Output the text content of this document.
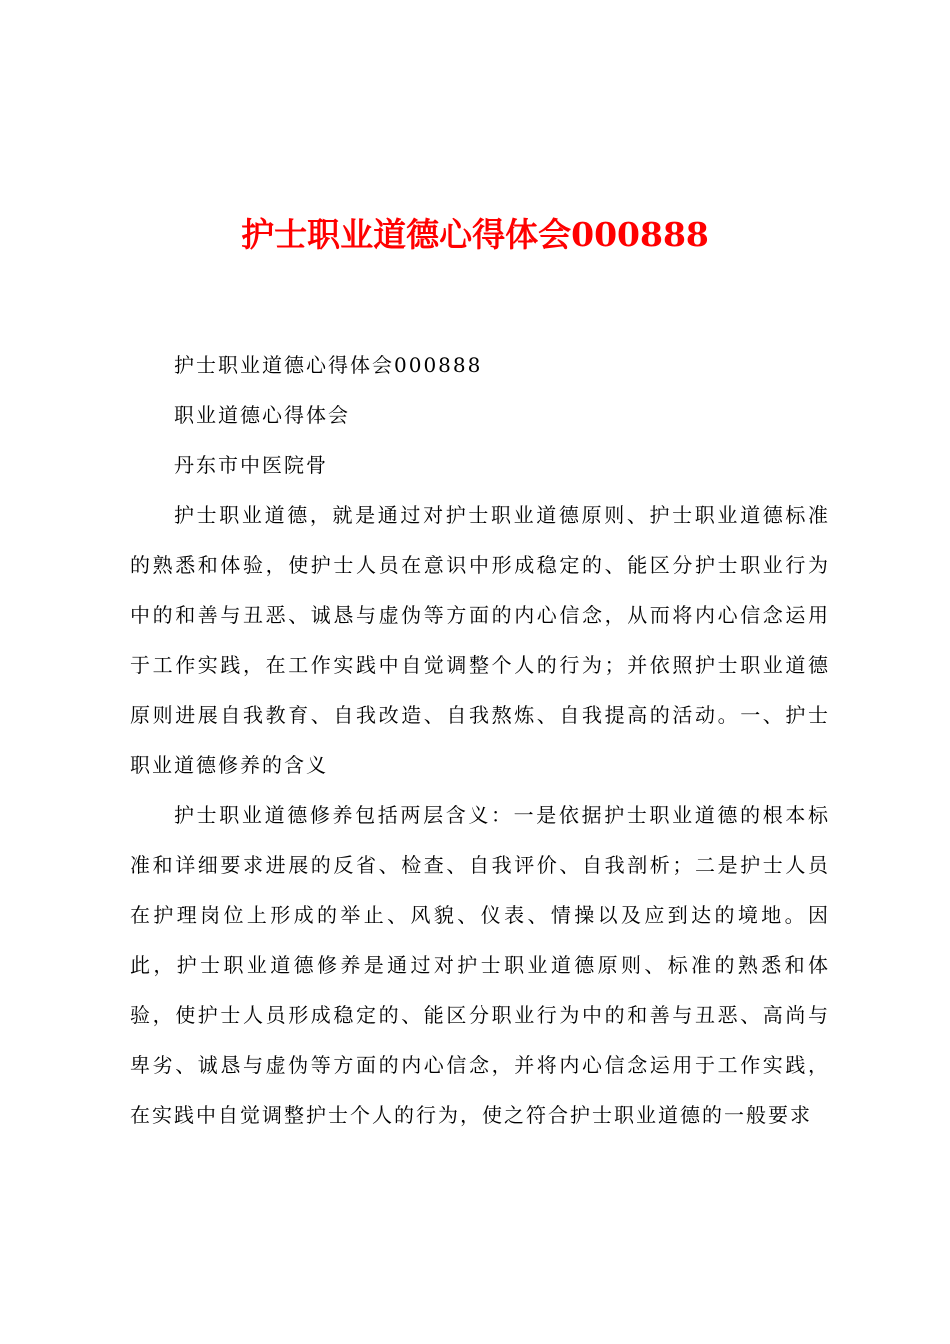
护士职业道德心得体会000888

护士职业道德心得体会000888

职业道德心得体会

丹东市中医院骨

护士职业道德，就是通过对护士职业道德原则、护士职业道德标准的熟悉和体验，使护士人员在意识中形成稳定的、能区分护士职业行为中的和善与丑恶、诚恳与虚伪等方面的内心信念，从而将内心信念运用于工作实践，在工作实践中自觉调整个人的行为；并依照护士职业道德原则进展自我教育、自我改造、自我熬炼、自我提高的活动。一、护士职业道德修养的含义

护士职业道德修养包括两层含义：一是依据护士职业道德的根本标准和详细要求进展的反省、检查、自我评价、自我剖析；二是护士人员在护理岗位上形成的举止、风貌、仪表、情操以及应到达的境地。因此，护士职业道德修养是通过对护士职业道德原则、标准的熟悉和体验，使护士人员形成稳定的、能区分职业行为中的和善与丑恶、高尚与卑劣、诚恳与虚伪等方面的内心信念，并将内心信念运用于工作实践，在实践中自觉调整护士个人的行为，使之符合护士职业道德的一般要求
